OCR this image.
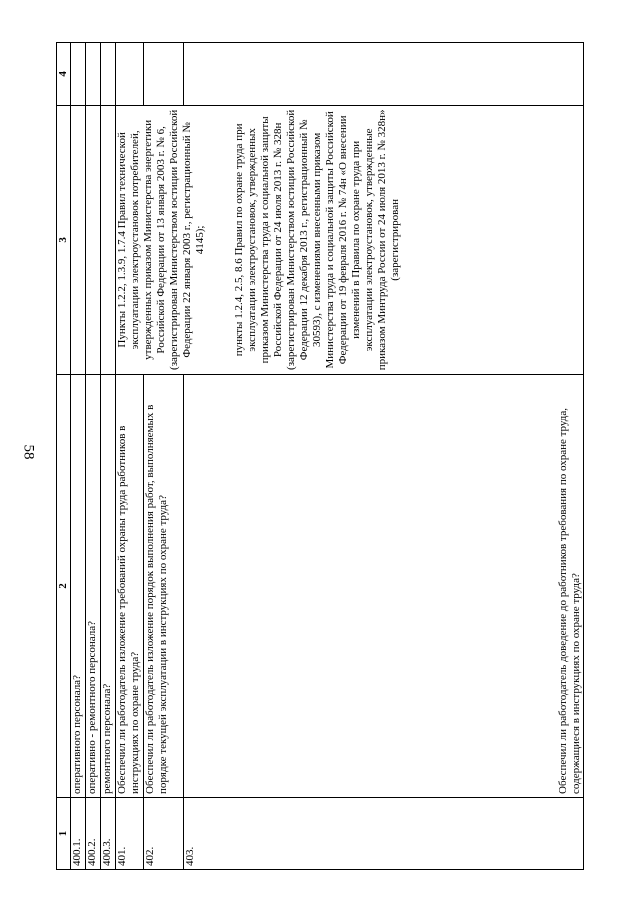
58
1	2	3	4
400.1.	оперативного персонала?		
400.2.	оперативно - ремонтного персонала?		
400.3.	ремонтного персонала?		
401.	Обеспечил ли работодатель изложение требований охраны труда работников в инструкциях по охране труда?	Пункты 1.2.2, 1.3.9, 1.7.4 Правил технической эксплуатации электроустановок потребителей, утвержденных приказом Министерства энергетики Российской Федерации от 13 января 2003 г. № 6, (зарегистрирован Министерством юстиции Российской Федерации 22 января 2003 г., регистрационный № 4145); пункты 1.2.4, 2.5, 8.6 Правил по охране труда при эксплуатации электроустановок, утвержденных приказом Министерства труда и социальной защиты Российской Федерации от 24 июля 2013 г. № 328н (зарегистрирован Министерством юстиции Российской Федерации 12 декабря 2013 г., регистрационный № 30593), с изменениями внесенными приказом Министерства труда и социальной защиты Российской Федерации от 19 февраля 2016 г. № 74н «О внесении изменений в Правила по охране труда при эксплуатации электроустановок, утвержденные приказом Минтруда России от 24 июля 2013 г. № 328н» (зарегистрирован	

402.	Обеспечил ли работодатель изложение порядок выполнения работ, выполняемых в порядке текущей эксплуатации в инструкциях по охране труда?		
403.	Обеспечил ли работодатель доведение до работников требования по охране труда, содержащиеся в инструкциях по охране труда?		
